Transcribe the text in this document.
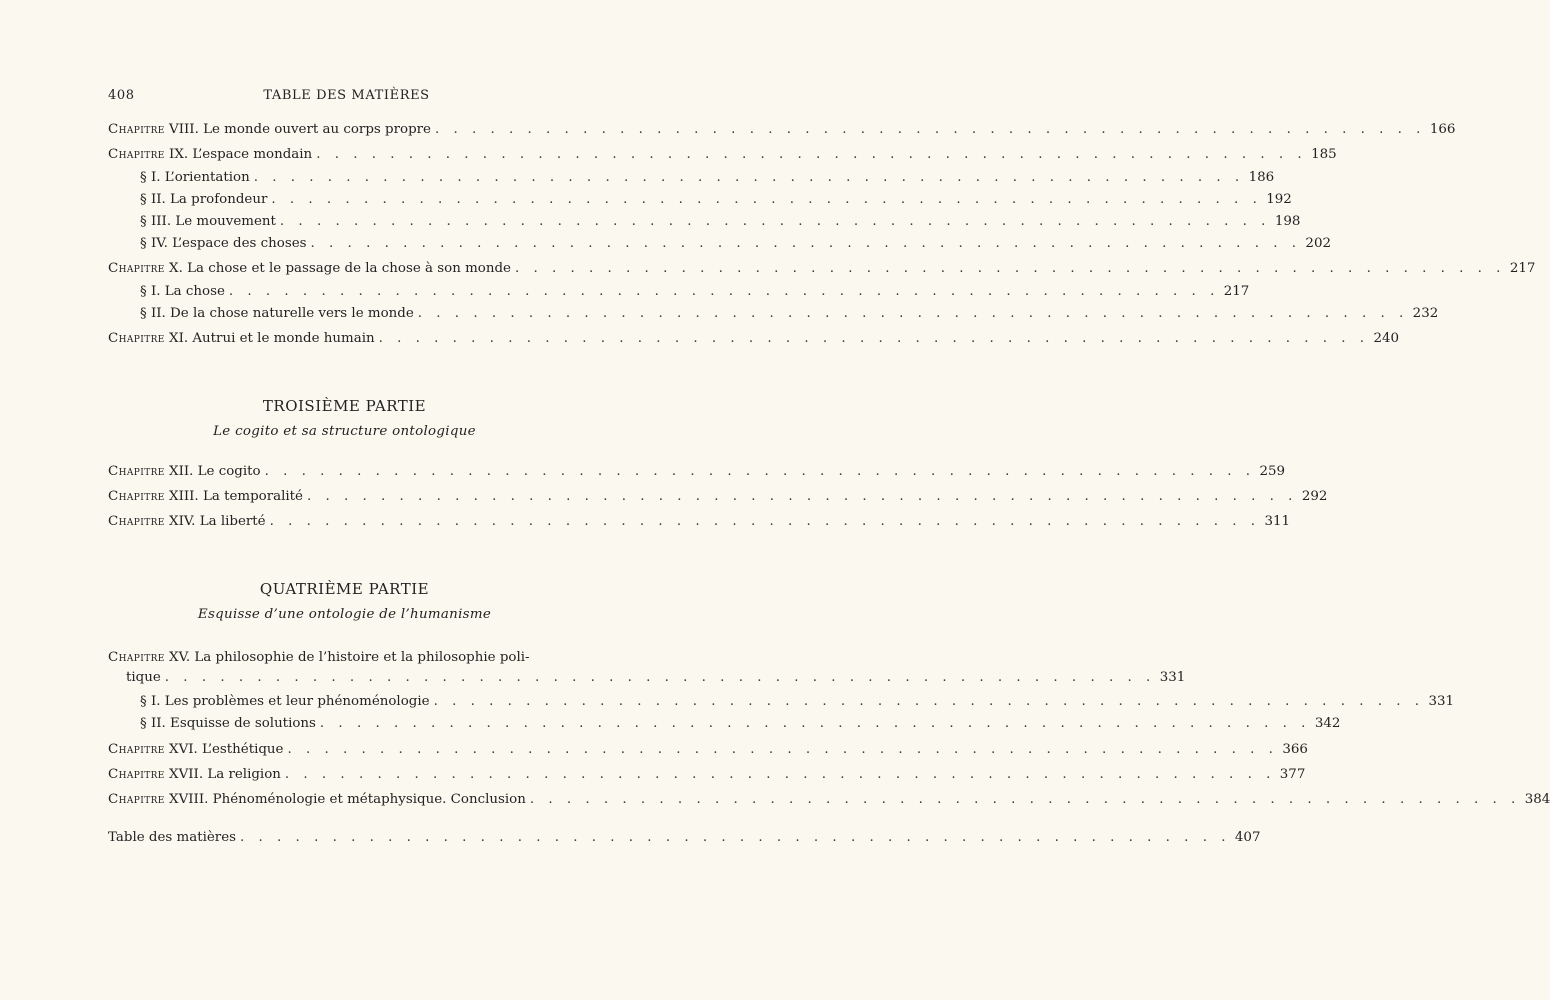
408	TABLE DES MATIÈRES
Chapitre VIII. Le monde ouvert au corps propre . . . . . . . . . . . . . . . . . . . . . . . . . . . . . . . . . . . . . . . . . . . . . . . . . . . . . . 166
Chapitre IX. L’espace mondain . . . . . . . . . . . . . . . . . . . . . . . . . . . . . . . . . . . . . . . . . . . . . . . . . . . . . . 185
§ I. L’orientation . . . . . . . . . . . . . . . . . . . . . . . . . . . . . . . . . . . . . . . . . . . . . . . . . . . . . . 186
§ II. La profondeur . . . . . . . . . . . . . . . . . . . . . . . . . . . . . . . . . . . . . . . . . . . . . . . . . . . . . . 192
§ III. Le mouvement . . . . . . . . . . . . . . . . . . . . . . . . . . . . . . . . . . . . . . . . . . . . . . . . . . . . . . 198
§ IV. L’espace des choses . . . . . . . . . . . . . . . . . . . . . . . . . . . . . . . . . . . . . . . . . . . . . . . . . . . . . . 202
Chapitre X. La chose et le passage de la chose à son monde . . . . . . . . . . . . . . . . . . . . . . . . . . . . . . . . . . . . . . . . . . . . . . . . . . . . . . 217
§ I. La chose . . . . . . . . . . . . . . . . . . . . . . . . . . . . . . . . . . . . . . . . . . . . . . . . . . . . . . 217
§ II. De la chose naturelle vers le monde . . . . . . . . . . . . . . . . . . . . . . . . . . . . . . . . . . . . . . . . . . . . . . . . . . . . . . 232
Chapitre XI. Autrui et le monde humain . . . . . . . . . . . . . . . . . . . . . . . . . . . . . . . . . . . . . . . . . . . . . . . . . . . . . . 240
TROISIÈME PARTIE
Le cogito et sa structure ontologique
Chapitre XII. Le cogito . . . . . . . . . . . . . . . . . . . . . . . . . . . . . . . . . . . . . . . . . . . . . . . . . . . . . . 259
Chapitre XIII. La temporalité . . . . . . . . . . . . . . . . . . . . . . . . . . . . . . . . . . . . . . . . . . . . . . . . . . . . . . 292
Chapitre XIV. La liberté . . . . . . . . . . . . . . . . . . . . . . . . . . . . . . . . . . . . . . . . . . . . . . . . . . . . . . 311
QUATRIÈME PARTIE
Esquisse d’une ontologie de l’humanisme
Chapitre XV. La philosophie de l’histoire et la philosophie poli-
tique . . . . . . . . . . . . . . . . . . . . . . . . . . . . . . . . . . . . . . . . . . . . . . . . . . . . . . 331
§ I. Les problèmes et leur phénoménologie . . . . . . . . . . . . . . . . . . . . . . . . . . . . . . . . . . . . . . . . . . . . . . . . . . . . . . 331
§ II. Esquisse de solutions . . . . . . . . . . . . . . . . . . . . . . . . . . . . . . . . . . . . . . . . . . . . . . . . . . . . . . 342
Chapitre XVI. L’esthétique . . . . . . . . . . . . . . . . . . . . . . . . . . . . . . . . . . . . . . . . . . . . . . . . . . . . . . 366
Chapitre XVII. La religion . . . . . . . . . . . . . . . . . . . . . . . . . . . . . . . . . . . . . . . . . . . . . . . . . . . . . . 377
Chapitre XVIII. Phénoménologie et métaphysique. Conclusion . . . . . . . . . . . . . . . . . . . . . . . . . . . . . . . . . . . . . . . . . . . . . . . . . . . . . . 384
Table des matières . . . . . . . . . . . . . . . . . . . . . . . . . . . . . . . . . . . . . . . . . . . . . . . . . . . . . . 407
